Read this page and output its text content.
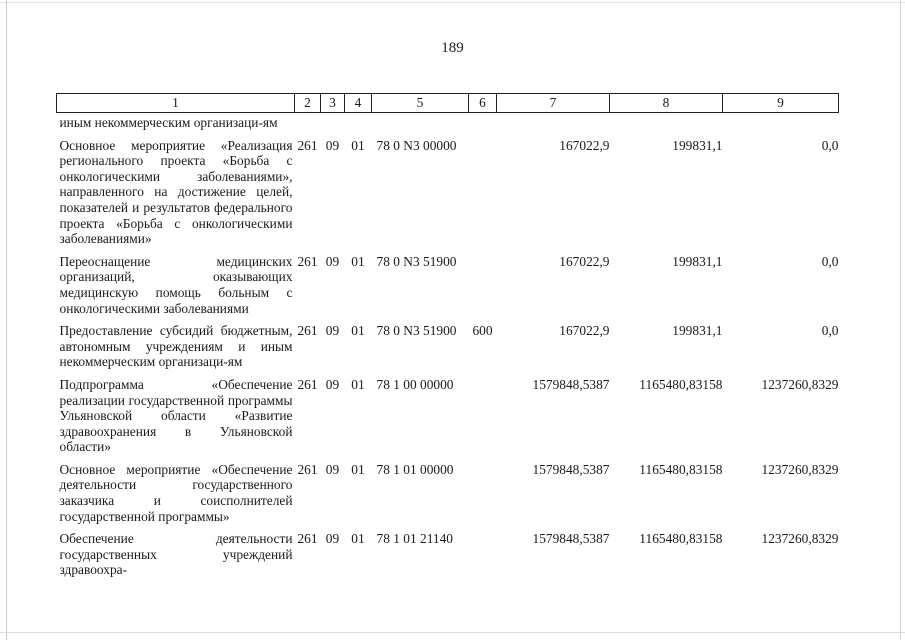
189
1	2	3	4	5	6	7	8	9
иным некоммерческим организаци-ям								
Основное мероприятие «Реализация регионального проекта «Борьба с онкологическими заболеваниями», направленного на достижение целей, показателей и результатов федерального проекта «Борьба с онкологическими заболеваниями»	261	09	01	78 0 N3 00000		167022,9	199831,1	0,0
Переоснащение медицинских организаций, оказывающих медицинскую помощь больным с онкологическими заболеваниями	261	09	01	78 0 N3 51900		167022,9	199831,1	0,0
Предоставление субсидий бюджетным, автономным учреждениям и иным некоммерческим организаци-ям	261	09	01	78 0 N3 51900	600	167022,9	199831,1	0,0
Подпрограмма «Обеспечение реализации государственной программы Ульяновской области «Развитие здравоохранения в Ульяновской области»	261	09	01	78 1 00 00000		1579848,5387	1165480,83158	1237260,8329
Основное мероприятие «Обеспечение деятельности государственного заказчика и соисполнителей государственной программы»	261	09	01	78 1 01 00000		1579848,5387	1165480,83158	1237260,8329
Обеспечение деятельности государственных учреждений здравоохра-	261	09	01	78 1 01 21140		1579848,5387	1165480,83158	1237260,8329
